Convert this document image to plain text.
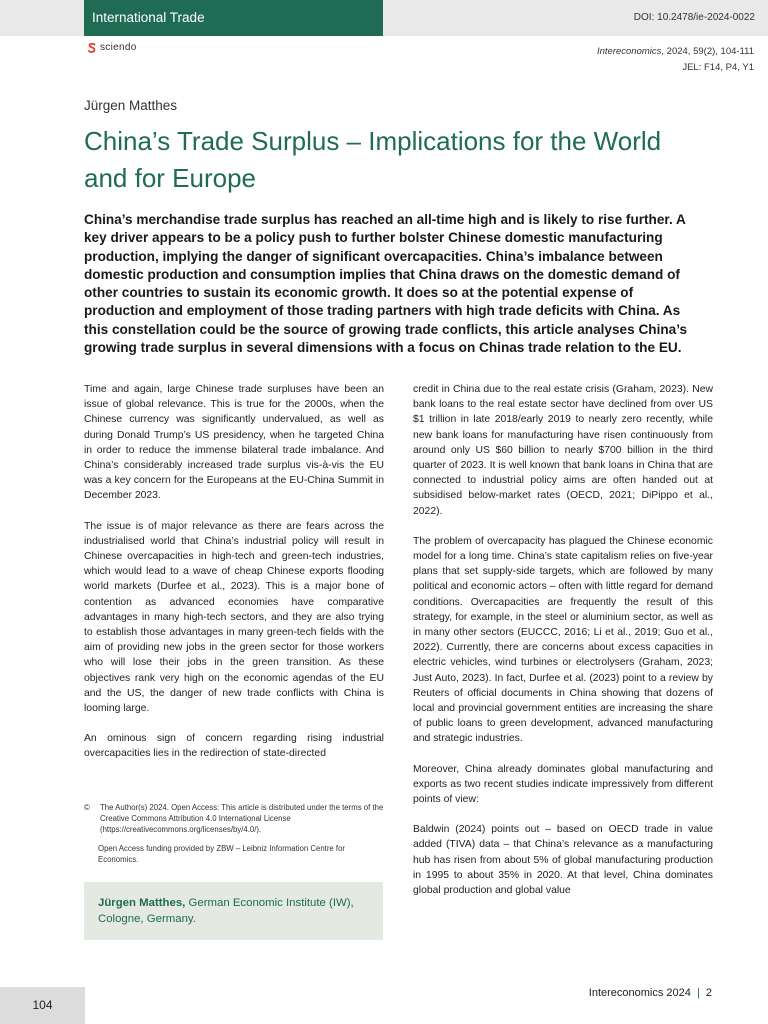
International Trade	DOI: 10.2478/ie-2024-0022
sciendo	Intereconomics, 2024, 59(2), 104-111
JEL: F14, P4, Y1
Jürgen Matthes
China’s Trade Surplus – Implications for the World and for Europe

China’s merchandise trade surplus has reached an all-time high and is likely to rise further. A key driver appears to be a policy push to further bolster Chinese domestic manufacturing production, implying the danger of significant overcapacities. China’s imbalance between domestic production and consumption implies that China draws on the domestic demand of other countries to sustain its economic growth. It does so at the potential expense of production and employment of those trading partners with high trade deficits with China. As this constellation could be the source of growing trade conflicts, this article analyses China’s growing trade surplus in several dimensions with a focus on Chinas trade relation to the EU.

Time and again, large Chinese trade surpluses have been an issue of global relevance. This is true for the 2000s, when the Chinese currency was significantly undervalued, as well as during Donald Trump’s US presidency, when he targeted China in order to reduce the immense bilateral trade imbalance. And China’s considerably increased trade surplus vis-à-vis the EU was a key concern for the Europeans at the EU-China Summit in December 2023.

The issue is of major relevance as there are fears across the industrialised world that China’s industrial policy will result in Chinese overcapacities in high-tech and green-tech industries, which would lead to a wave of cheap Chinese exports flooding world markets (Durfee et al., 2023). This is a major bone of contention as advanced economies have comparative advantages in many high-tech sectors, and they are also trying to establish those advantages in many green-tech fields with the aim of providing new jobs in the green sector for those workers who will lose their jobs in the green transition. As these objectives rank very high on the economic agendas of the EU and the US, the danger of new trade conflicts with China is looming large.

An ominous sign of concern regarding rising industrial overcapacities lies in the redirection of state-directed

credit in China due to the real estate crisis (Graham, 2023). New bank loans to the real estate sector have declined from over US $1 trillion in late 2018/early 2019 to nearly zero recently, while new bank loans for manufacturing have risen continuously from around only US $60 billion to nearly $700 billion in the third quarter of 2023. It is well known that bank loans in China that are connected to industrial policy aims are often handed out at subsidised below-market rates (OECD, 2021; DiPippo et al., 2022).

The problem of overcapacity has plagued the Chinese economic model for a long time. China’s state capitalism relies on five-year plans that set supply-side targets, which are followed by many political and economic actors – often with little regard for demand conditions. Overcapacities are frequently the result of this strategy, for example, in the steel or aluminium sector, as well as in many other sectors (EUCCC, 2016; Li et al., 2019; Guo et al., 2022). Currently, there are concerns about excess capacities in electric vehicles, wind turbines or electrolysers (Graham, 2023; Just Auto, 2023). In fact, Durfee et al. (2023) point to a review by Reuters of official documents in China showing that dozens of local and provincial government entities are increasing the share of public loans to green development, advanced manufacturing and strategic industries.

Moreover, China already dominates global manufacturing and exports as two recent studies indicate impressively from different points of view:

Baldwin (2024) points out – based on OECD trade in value added (TIVA) data – that China’s relevance as a manufacturing hub has risen from about 5% of global manufacturing production in 1995 to about 35% in 2020. At that level, China dominates global production and global value

© The Author(s) 2024. Open Access: This article is distributed under the terms of the Creative Commons Attribution 4.0 International License (https://creativecommons.org/licenses/by/4.0/).
Open Access funding provided by ZBW – Leibniz Information Centre for Economics.
Jürgen Matthes, German Economic Institute (IW), Cologne, Germany.
104
Intereconomics 2024 | 2
